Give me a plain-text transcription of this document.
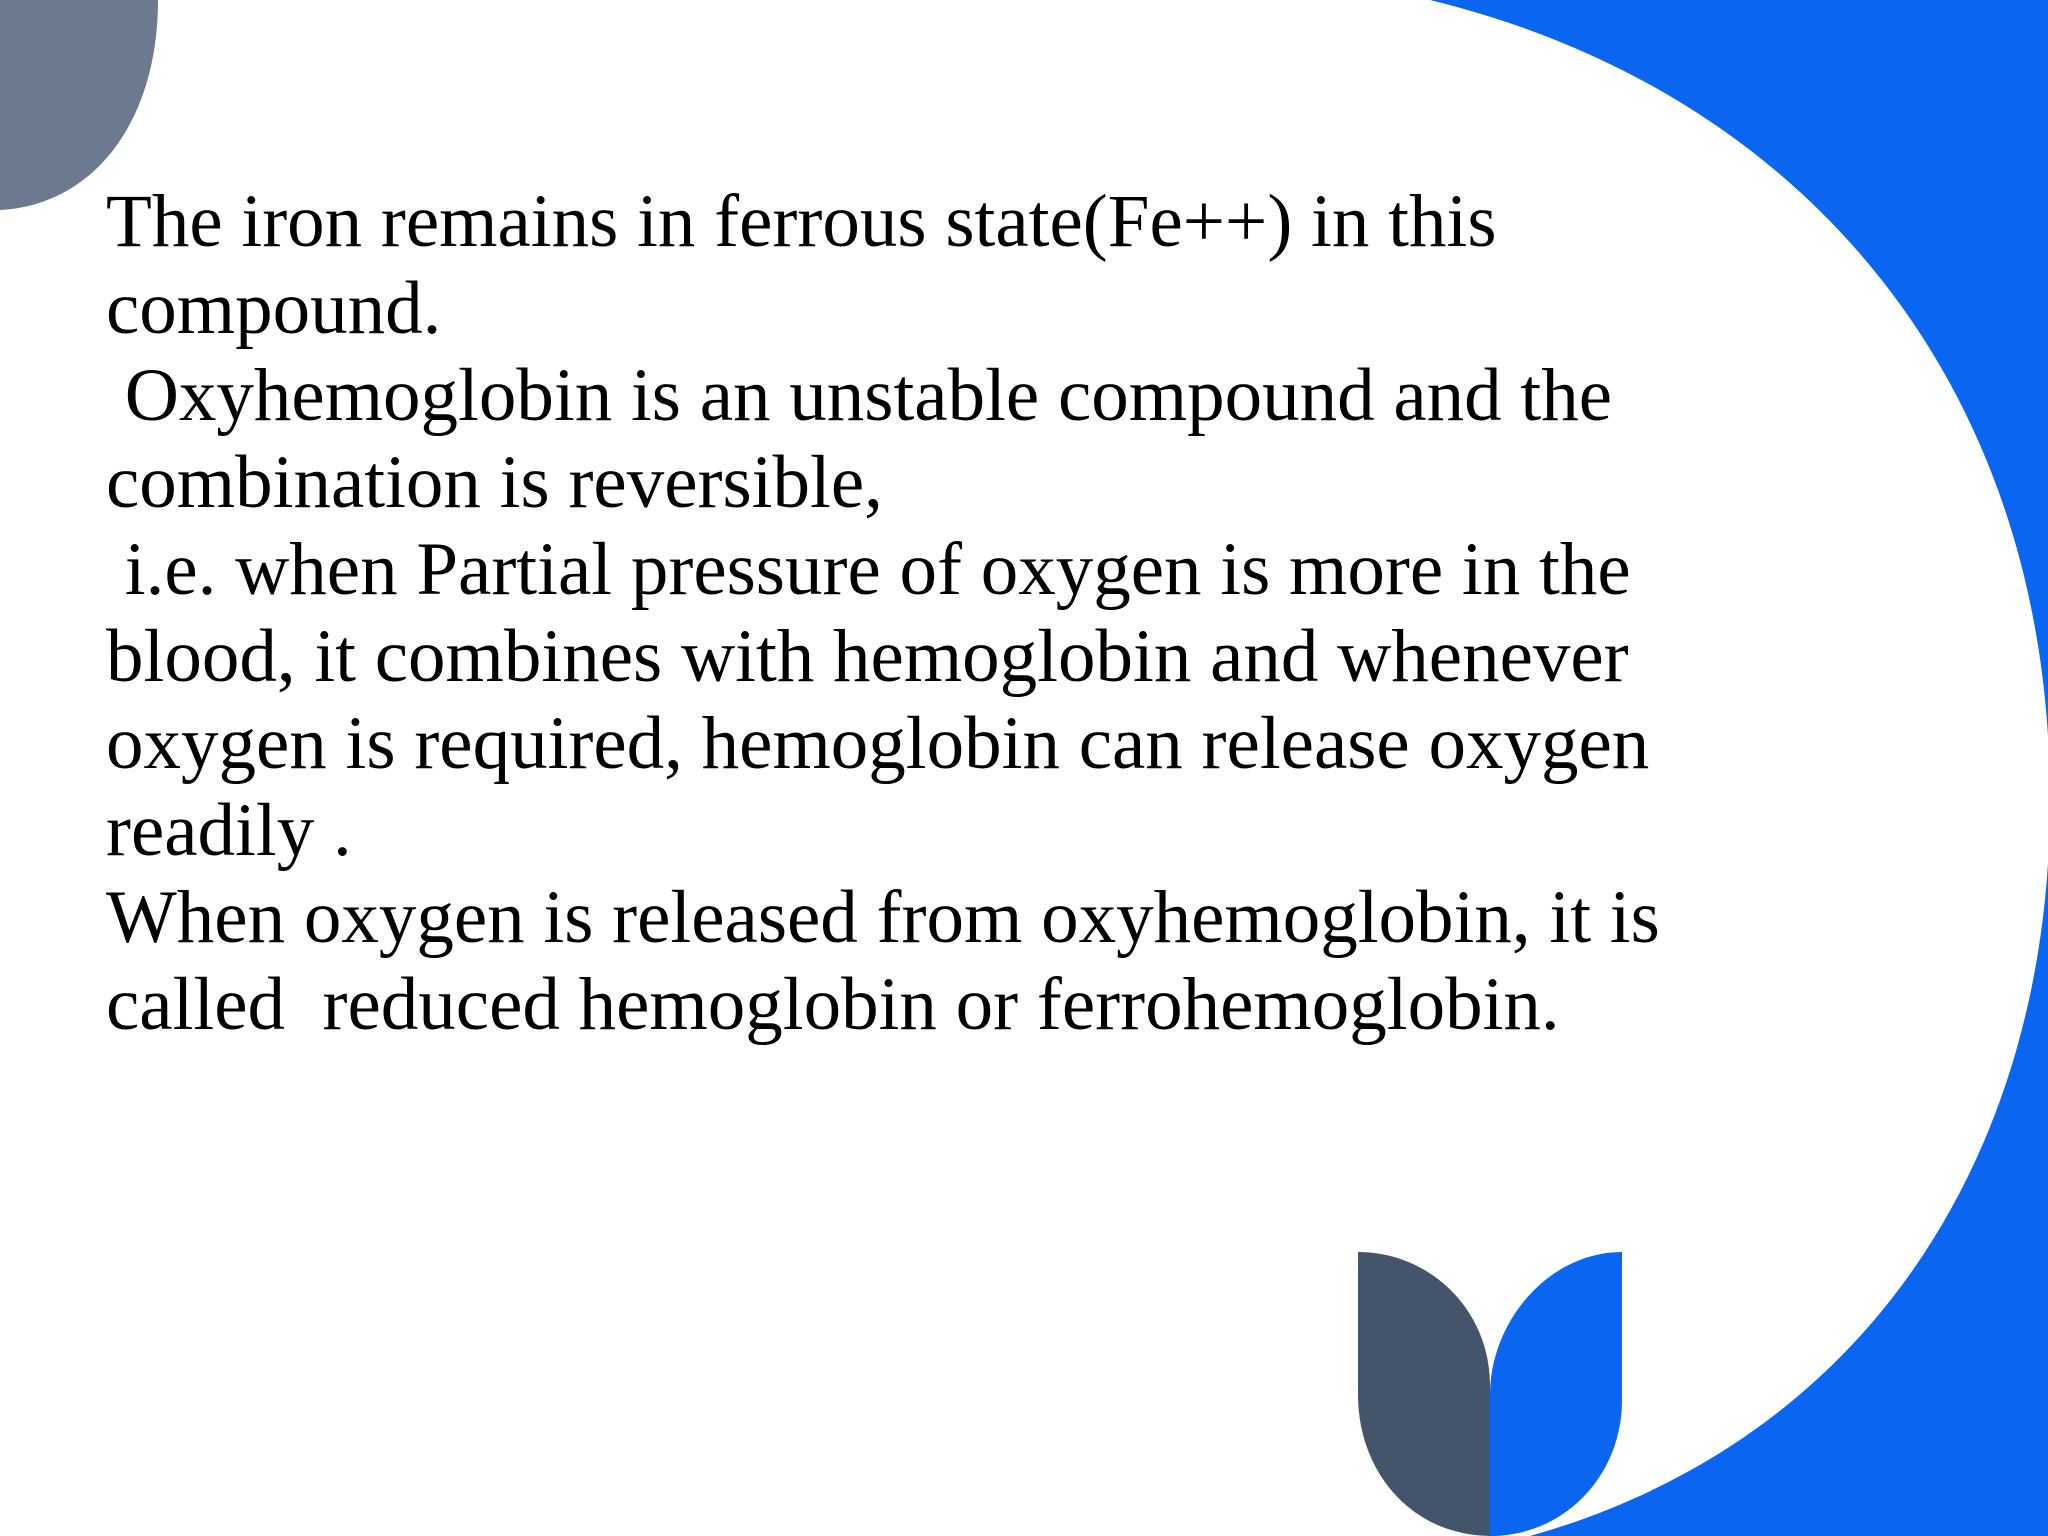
The iron remains in ferrous state(Fe++) in this
compound.

Oxyhemoglobin is an unstable compound and the
combination is reversible,

i.e. when Partial pressure of oxygen is more in the
blood, it combines with hemoglobin and whenever
oxygen is required, hemoglobin can release oxygen
readily .

When oxygen is released from oxyhemoglobin, it is
called  reduced hemoglobin or ferrohemoglobin.
